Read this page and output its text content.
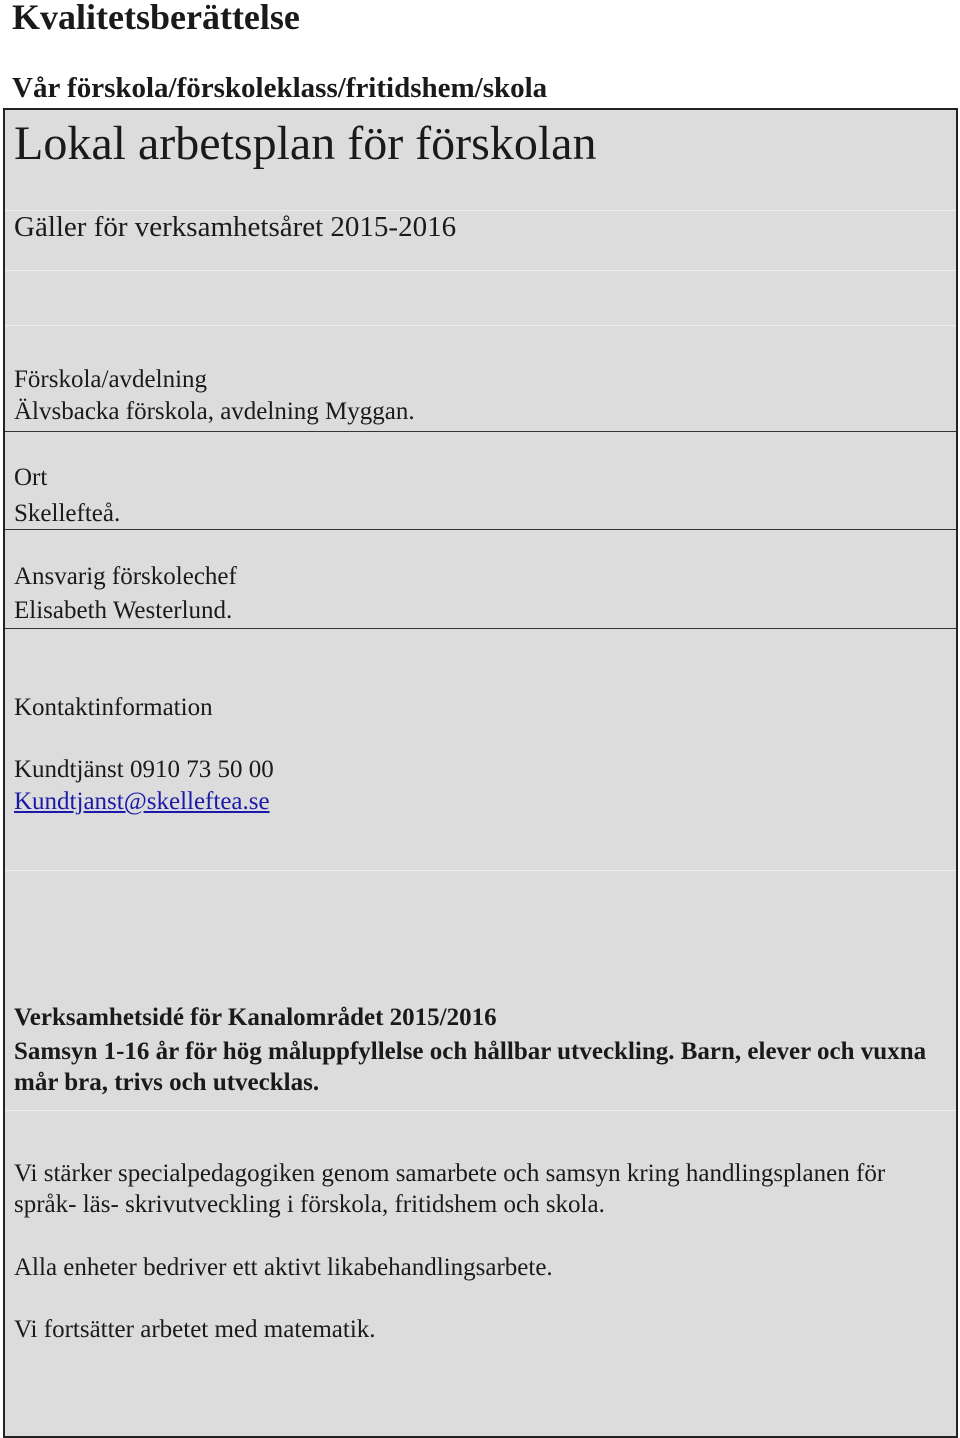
Kvalitetsberättelse
Vår förskola/förskoleklass/fritidshem/skola
Lokal arbetsplan för förskolan
Gäller för verksamhetsåret 2015-2016
Förskola/avdelning
Älvsbacka förskola, avdelning Myggan.
Ort
Skellefteå.
Ansvarig förskolechef
Elisabeth Westerlund.
Kontaktinformation
Kundtjänst 0910 73 50 00
Kundtjanst@skelleftea.se
Verksamhetsidé för Kanalområdet 2015/2016
Samsyn 1-16 år för hög måluppfyllelse och hållbar utveckling. Barn, elever och vuxna mår bra, trivs och utvecklas.
Vi stärker specialpedagogiken genom samarbete och samsyn kring handlingsplanen för språk- läs- skrivutveckling i förskola, fritidshem och skola.
Alla enheter bedriver ett aktivt likabehandlingsarbete.
Vi fortsätter arbetet med matematik.
